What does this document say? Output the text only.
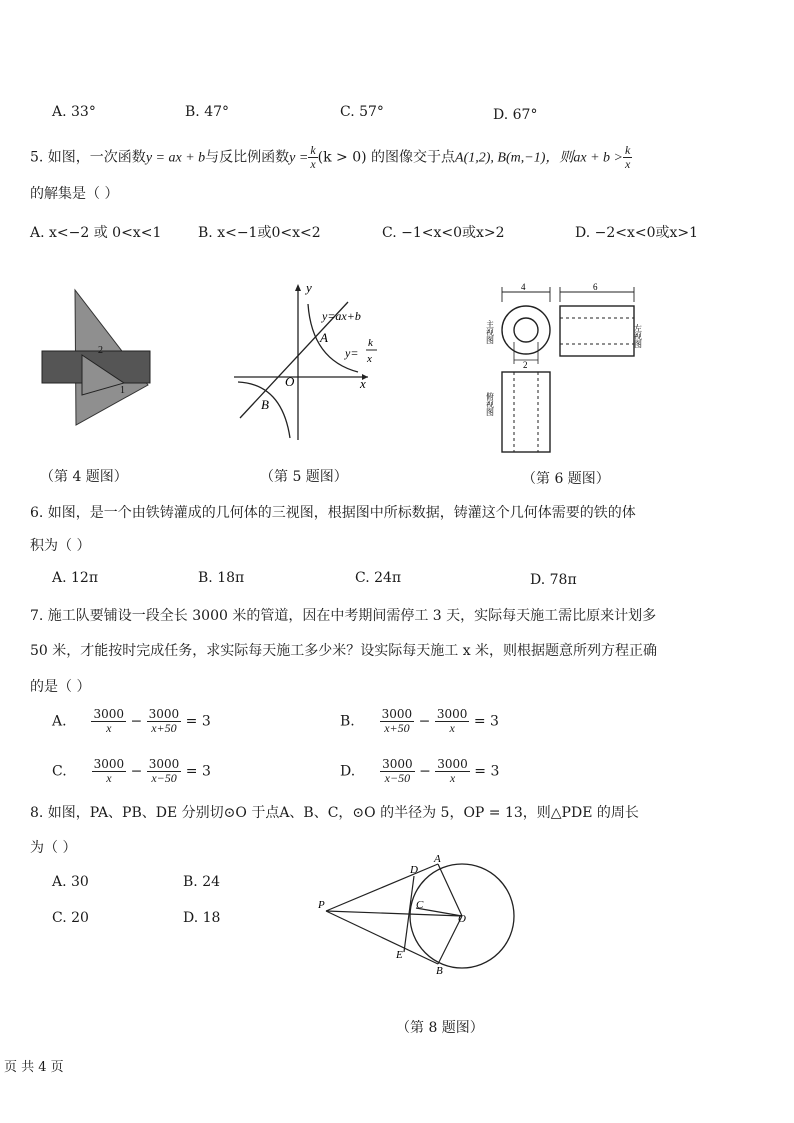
A. 33°	B. 47°	C. 57°	D. 67°
5. 如图，一次函数y = ax + b与反比例函数$y = \frac{k}{x} (k > 0)$ 的图像交于点A(1,2), B(m,−1)，则ax + $b > \frac{k}{x}$
的解集是（ ）
A. x<−2 或 0<x<1	B. x<−1或0<x<2	C. −1<x<0或x>2	D. −2<x<0或x>1
2
1
y
x
O
A
B
y=ax+b
y=
k
x
4	6
2
主视图	左视图
俯视图
（第 4 题图）	（第 5 题图）	（第 6 题图）
6. 如图，是一个由铁铸灌成的几何体的三视图，根据图中所标数据，铸灌这个几何体需要的铁的体
积为（ ）
A. 12π	B. 18π	C. 24π	D. 78π
7. 施工队要铺设一段全长 3000 米的管道，因在中考期间需停工 3 天，实际每天施工需比原来计划多
50 米，才能按时完成任务，求实际每天施工多少米？设实际每天施工 x 米，则根据题意所列方程正确
的是（ ）
A. $\frac{3000}{x} - \frac{3000}{x+50} = 3$	B. $\frac{3000}{x+50} - \frac{3000}{x} = 3$
C. $\frac{3000}{x} - \frac{3000}{x-50} = 3$	D. $\frac{3000}{x-50} - \frac{3000}{x} = 3$
8. 如图，PA、PB、DE 分别切⊙O 于点A、B、C，⊙O 的半径为 5，OP = 13，则△PDE 的周长
为（ ）
A. 30	B. 24
C. 20	D. 18
P
A
B
C
D
E
O
（第 8 题图）
页 共 4 页
